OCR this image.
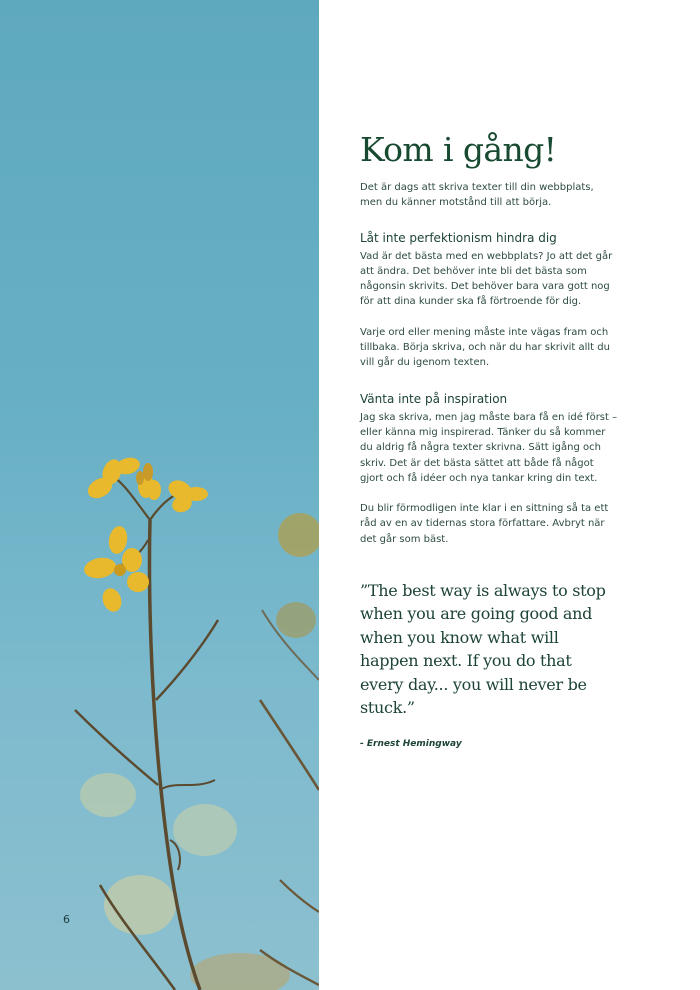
6
Kom i gång!

Det är dags att skriva texter till din webbplats, men du känner motstånd till att börja.

Låt inte perfektionism hindra dig

Vad är det bästa med en webbplats? Jo att det går att ändra. Det behöver inte bli det bästa som någonsin skrivits. Det behöver bara vara gott nog för att dina kunder ska få förtroende för dig.

Varje ord eller mening måste inte vägas fram och tillbaka. Börja skriva, och när du har skrivit allt du vill går du igenom texten.

Vänta inte på inspiration

Jag ska skriva, men jag måste bara få en idé först – eller känna mig inspirerad. Tänker du så kommer du aldrig få några texter skrivna. Sätt igång och skriv. Det är det bästa sättet att både få något gjort och få idéer och nya tankar kring din text.

Du blir förmodligen inte klar i en sittning så ta ett råd av en av tidernas stora författare. Avbryt när det går som bäst.

”The best way is always to stop when you are going good and when you know what will happen next. If you do that every day... you will never be stuck.”
- Ernest Hemingway
